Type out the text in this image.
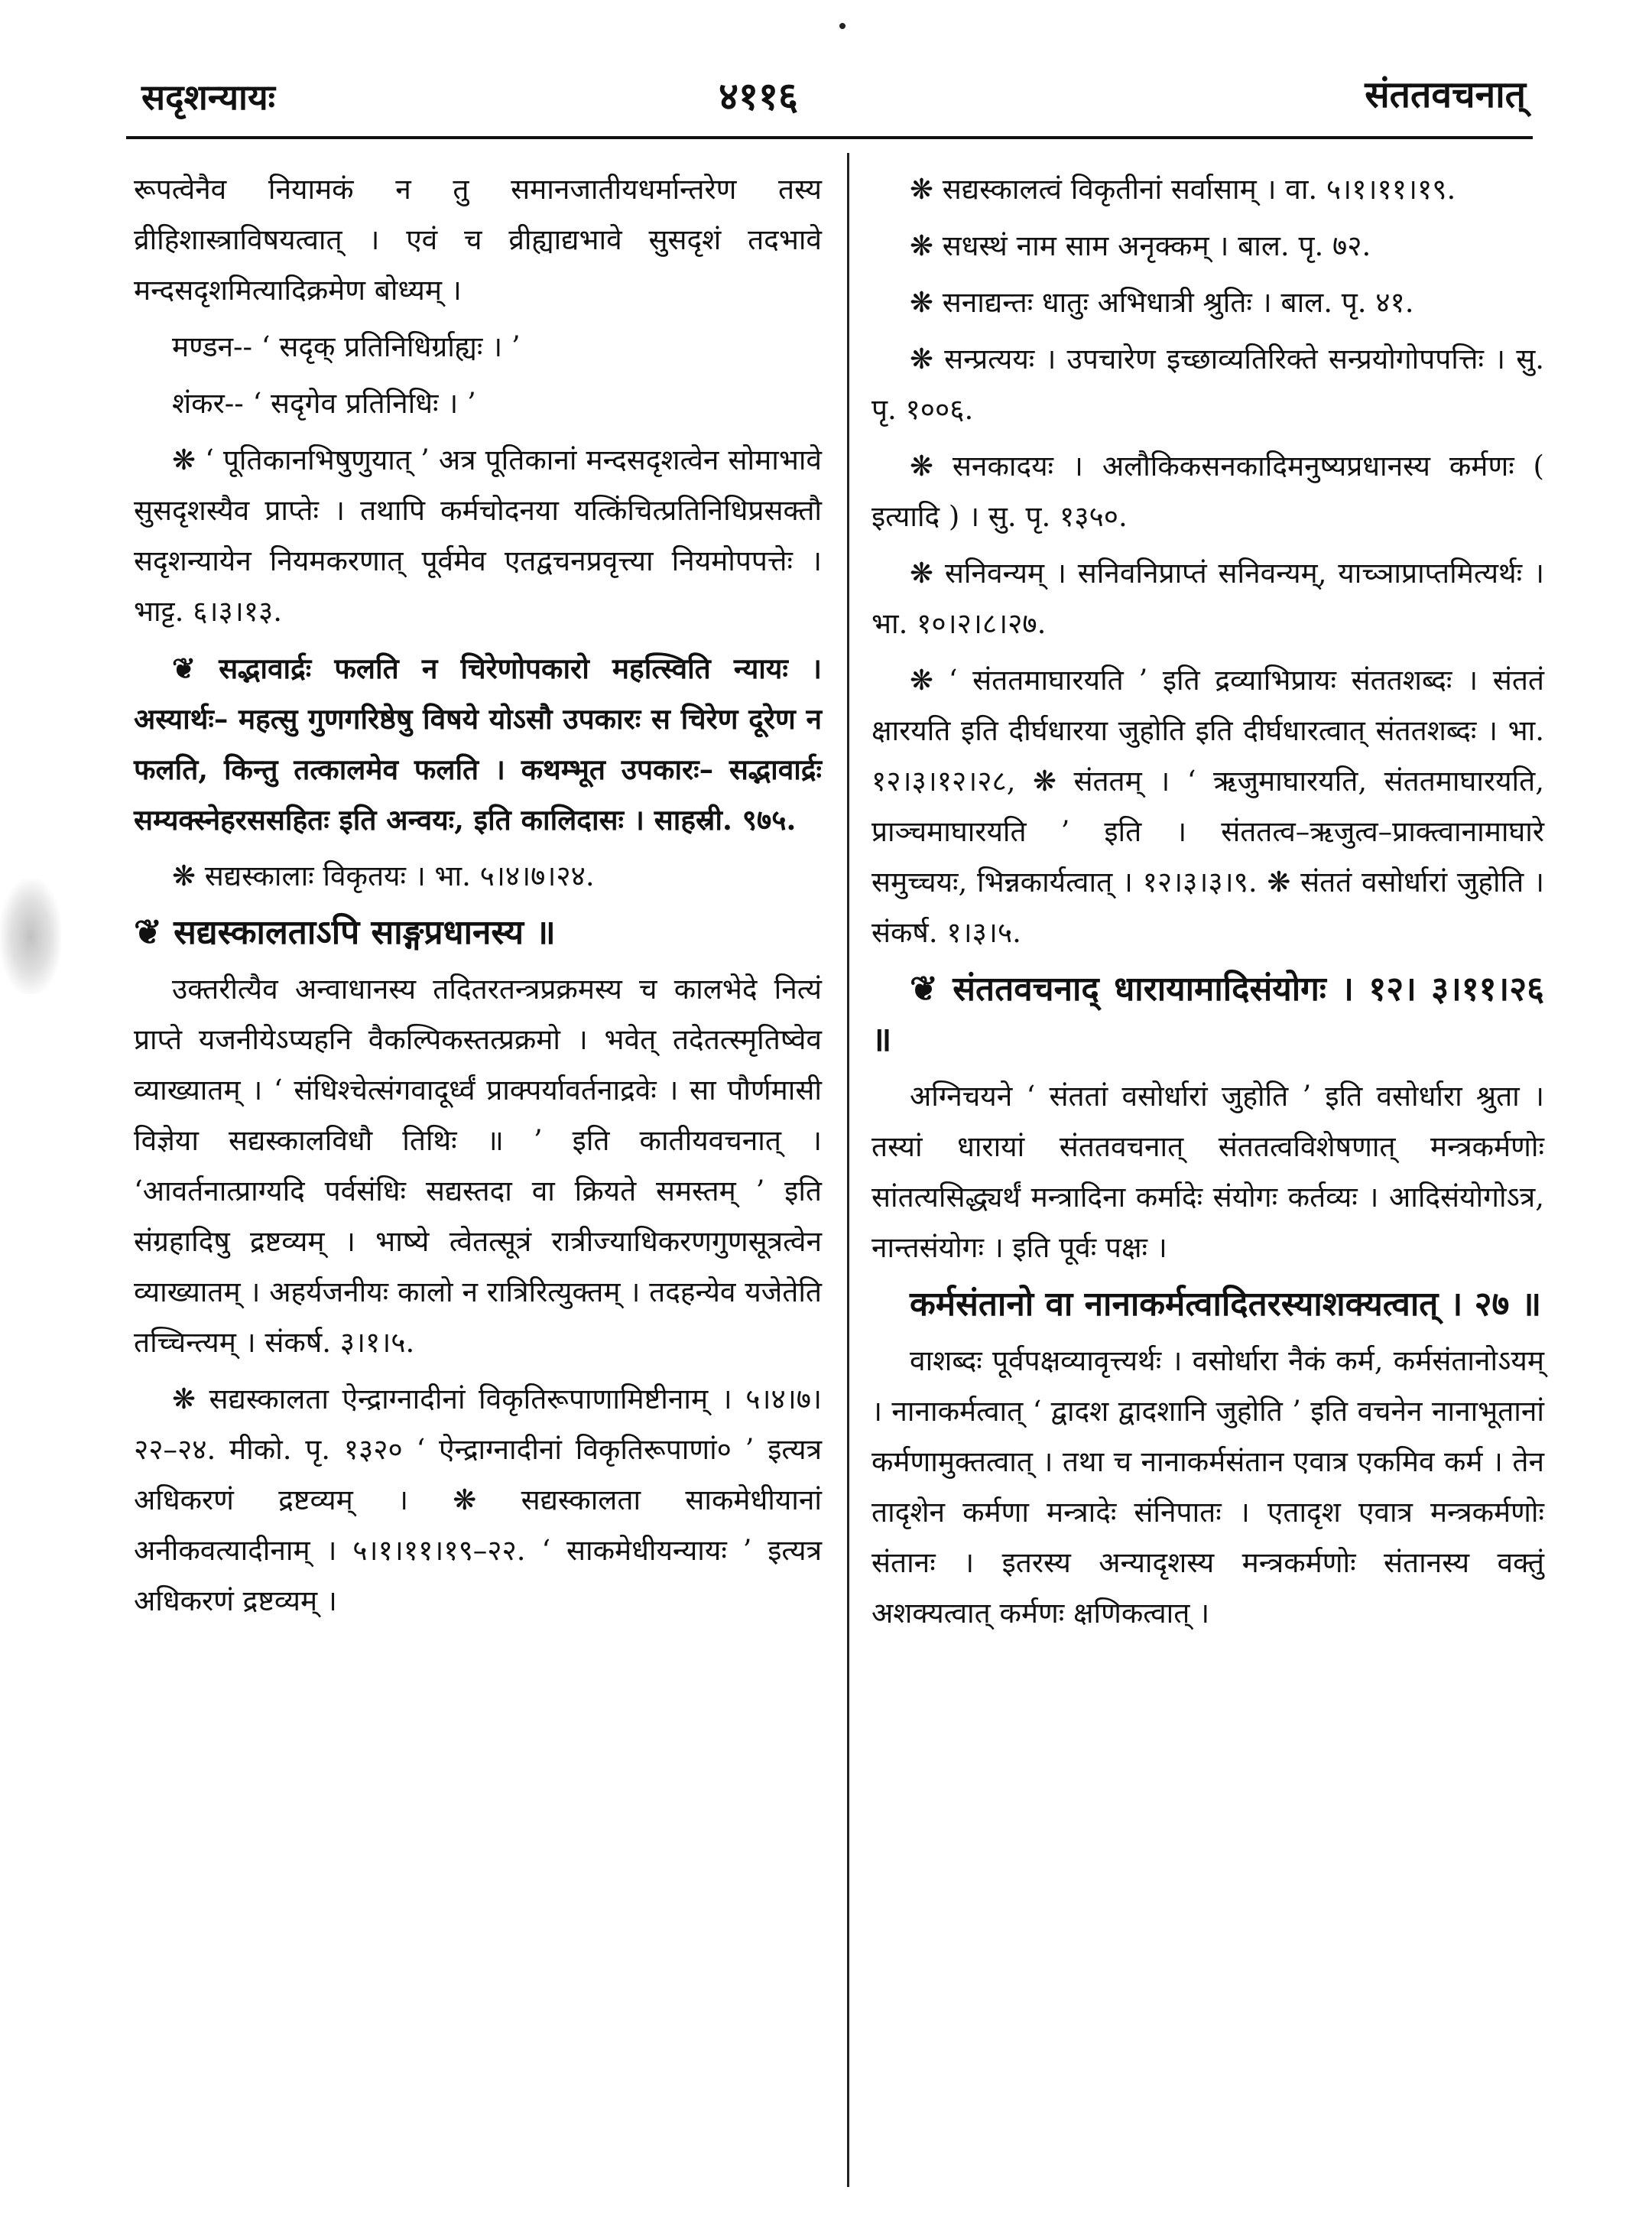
सदृशन्यायः	४११६	संततवचनात्

रूपत्वेनैव नियामकं न तु समानजातीयधर्मान्तरेण तस्य व्रीहिशास्त्राविषयत्वात् । एवं च व्रीह्याद्यभावे सुसदृशं तदभावे मन्दसदृशमित्यादिक्रमेण बोध्यम् ।

मण्डन-- ‘ सदृक् प्रतिनिधिर्ग्राह्यः । ’

शंकर-- ‘ सदृगेव प्रतिनिधिः । ’

❋ ‘ पूतिकानभिषुणुयात् ’ अत्र पूतिकानां मन्दसदृशत्वेन सोमाभावे सुसदृशस्यैव प्राप्तेः । तथापि कर्मचोदनया यत्किंचित्प्रतिनिधिप्रसक्तौ सदृशन्यायेन नियमकरणात् पूर्वमेव एतद्वचनप्रवृत्त्या नियमोपपत्तेः । भाट्ट. ६।३।१३.

❦ सद्भावार्द्रः फलति न चिरेणोपकारो महत्स्विति न्यायः । अस्यार्थः– महत्सु गुणगरिष्ठेषु विषये योऽसौ उपकारः स चिरेण दूरेण न फलति, किन्तु तत्कालमेव फलति । कथम्भूत उपकारः– सद्भावार्द्रः सम्यक्स्नेहरससहितः इति अन्वयः, इति कालिदासः । साहस्री. ९७५.

❋ सद्यस्कालाः विकृतयः । भा. ५।४।७।२४.

❦ सद्यस्कालताऽपि साङ्गप्रधानस्य ॥

उक्तरीत्यैव अन्वाधानस्य तदितरतन्त्रप्रक्रमस्य च कालभेदे नित्यं प्राप्ते यजनीयेऽप्यहनि वैकल्पिकस्तत्प्रक्रमो । भवेत् तदेतत्स्मृतिष्वेव व्याख्यातम् । ‘ संधिश्चेत्संगवादूर्ध्वं प्राक्पर्यावर्तनाद्रवेः । सा पौर्णमासी विज्ञेया सद्यस्कालविधौ तिथिः ॥ ’ इति कातीयवचनात् । ‘आवर्तनात्प्राग्यदि पर्वसंधिः सद्यस्तदा वा क्रियते समस्तम् ’ इति संग्रहादिषु द्रष्टव्यम् । भाष्ये त्वेतत्सूत्रं रात्रीज्याधिकरणगुणसूत्रत्वेन व्याख्यातम् । अहर्यजनीयः कालो न रात्रिरित्युक्तम् । तदहन्येव यजेतेति तच्चिन्त्यम् । संकर्ष. ३।१।५.

❋ सद्यस्कालता ऐन्द्राग्नादीनां विकृतिरूपाणामिष्टीनाम् । ५।४।७।२२–२४. मीको. पृ. १३२० ‘ ऐन्द्राग्नादीनां विकृतिरूपाणां० ’ इत्यत्र अधिकरणं द्रष्टव्यम् । ❋ सद्यस्कालता साकमेधीयानां अनीकवत्यादीनाम् । ५।१।११।१९–२२. ‘ साकमेधीयन्यायः ’ इत्यत्र अधिकरणं द्रष्टव्यम् ।

❋ सद्यस्कालत्वं विकृतीनां सर्वासाम् । वा. ५।१।११।१९.

❋ सधस्थं नाम साम अनृक्कम् । बाल. पृ. ७२.

❋ सनाद्यन्तः धातुः अभिधात्री श्रुतिः । बाल. पृ. ४१.

❋ सन्प्रत्ययः । उपचारेण इच्छाव्यतिरिक्ते सन्प्रयोगोपपत्तिः । सु. पृ. १००६.

❋ सनकादयः । अलौकिकसनकादिमनुष्यप्रधानस्य कर्मणः ( इत्यादि ) । सु. पृ. १३५०.

❋ सनिवन्यम् । सनिवनिप्राप्तं सनिवन्यम्, याच्ञाप्राप्तमित्यर्थः । भा. १०।२।८।२७.

❋ ‘ संततमाघारयति ’ इति द्रव्याभिप्रायः संततशब्दः । संततं क्षारयति इति दीर्घधारया जुहोति इति दीर्घधारत्वात् संततशब्दः । भा. १२।३।१२।२८, ❋ संततम् । ‘ ऋजुमाघारयति, संततमाघारयति, प्राञ्चमाघारयति ’ इति । संततत्व–ऋजुत्व–प्राक्त्वानामाघारे समुच्चयः, भिन्नकार्यत्वात् । १२।३।३।९. ❋ संततं वसोर्धारां जुहोति । संकर्ष. १।३।५.

❦ संततवचनाद् धारायामादिसंयोगः । १२। ३।११।२६ ॥

अग्निचयने ‘ संततां वसोर्धारां जुहोति ’ इति वसोर्धारा श्रुता । तस्यां धारायां संततवचनात् संततत्वविशेषणात् मन्त्रकर्मणोः सांतत्यसिद्ध्यर्थं मन्त्रादिना कर्मादेः संयोगः कर्तव्यः । आदिसंयोगोऽत्र, नान्तसंयोगः । इति पूर्वः पक्षः ।

कर्मसंतानो वा नानाकर्मत्वादितरस्याशक्यत्वात् । २७ ॥

वाशब्दः पूर्वपक्षव्यावृत्त्यर्थः । वसोर्धारा नैकं कर्म, कर्मसंतानोऽयम् । नानाकर्मत्वात् ‘ द्वादश द्वादशानि जुहोति ’ इति वचनेन नानाभूतानां कर्मणामुक्तत्वात् । तथा च नानाकर्मसंतान एवात्र एकमिव कर्म । तेन तादृशेन कर्मणा मन्त्रादेः संनिपातः । एतादृश एवात्र मन्त्रकर्मणोः संतानः । इतरस्य अन्यादृशस्य मन्त्रकर्मणोः संतानस्य वक्तुं अशक्यत्वात् कर्मणः क्षणिकत्वात् ।
